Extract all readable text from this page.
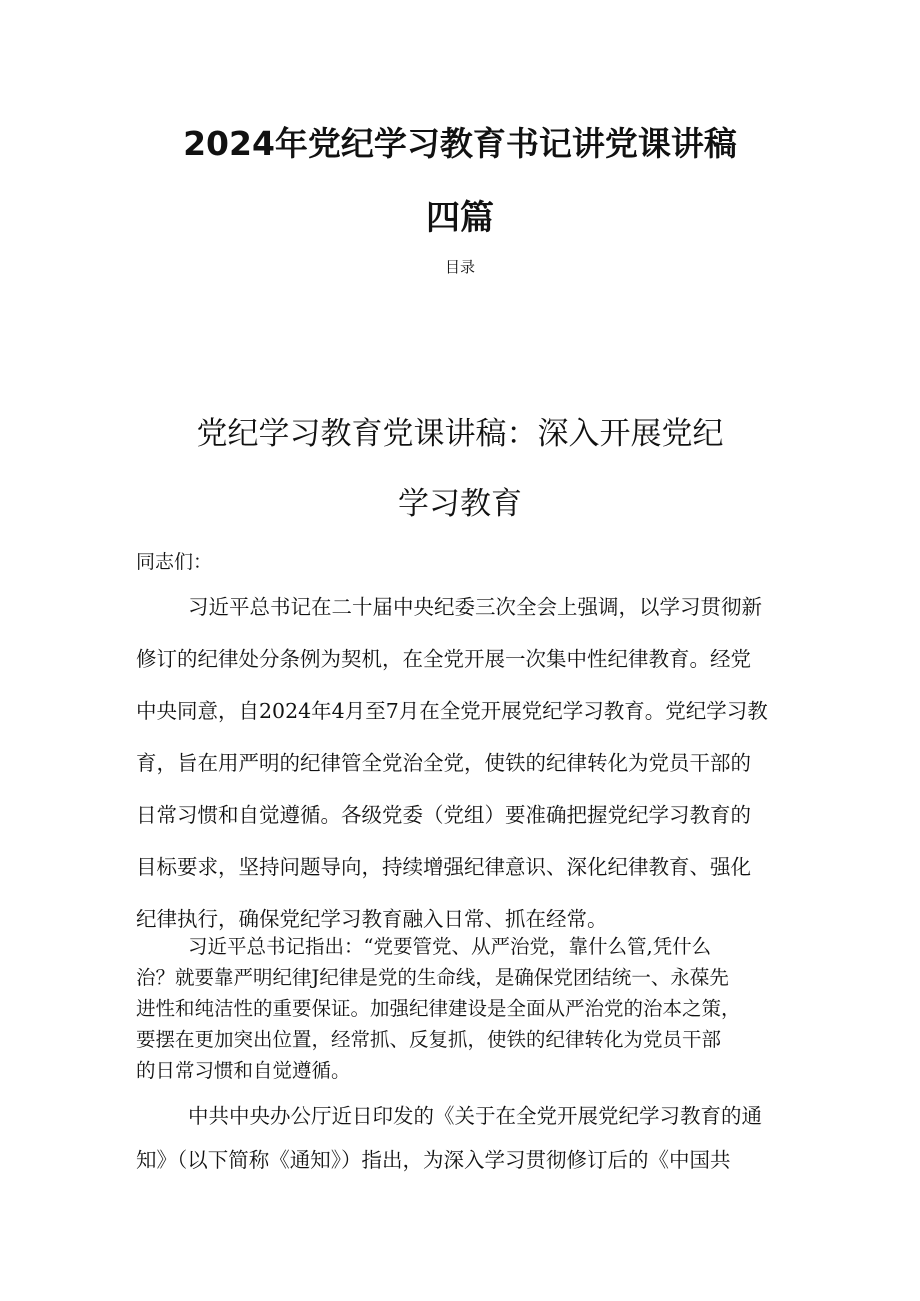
2024年党纪学习教育书记讲党课讲稿
四篇
目录
党纪学习教育党课讲稿：深入开展党纪
学习教育
同志们：
习近平总书记在二十届中央纪委三次全会上强调，以学习贯彻新
修订的纪律处分条例为契机，在全党开展一次集中性纪律教育。经党
中央同意，自2024年4月至7月在全党开展党纪学习教育。党纪学习教
育，旨在用严明的纪律管全党治全党，使铁的纪律转化为党员干部的
日常习惯和自觉遵循。各级党委（党组）要准确把握党纪学习教育的
目标要求，坚持问题导向，持续增强纪律意识、深化纪律教育、强化
纪律执行，确保党纪学习教育融入日常、抓在经常。
习近平总书记指出：“党要管党、从严治党，靠什么管,凭什么
治？就要靠严明纪律J纪律是党的生命线，是确保党团结统一、永葆先
进性和纯洁性的重要保证。加强纪律建设是全面从严治党的治本之策，
要摆在更加突出位置，经常抓、反复抓，使铁的纪律转化为党员干部
的日常习惯和自觉遵循。
中共中央办公厅近日印发的《关于在全党开展党纪学习教育的通
知》（以下简称《通知》）指出，为深入学习贯彻修订后的《中国共
